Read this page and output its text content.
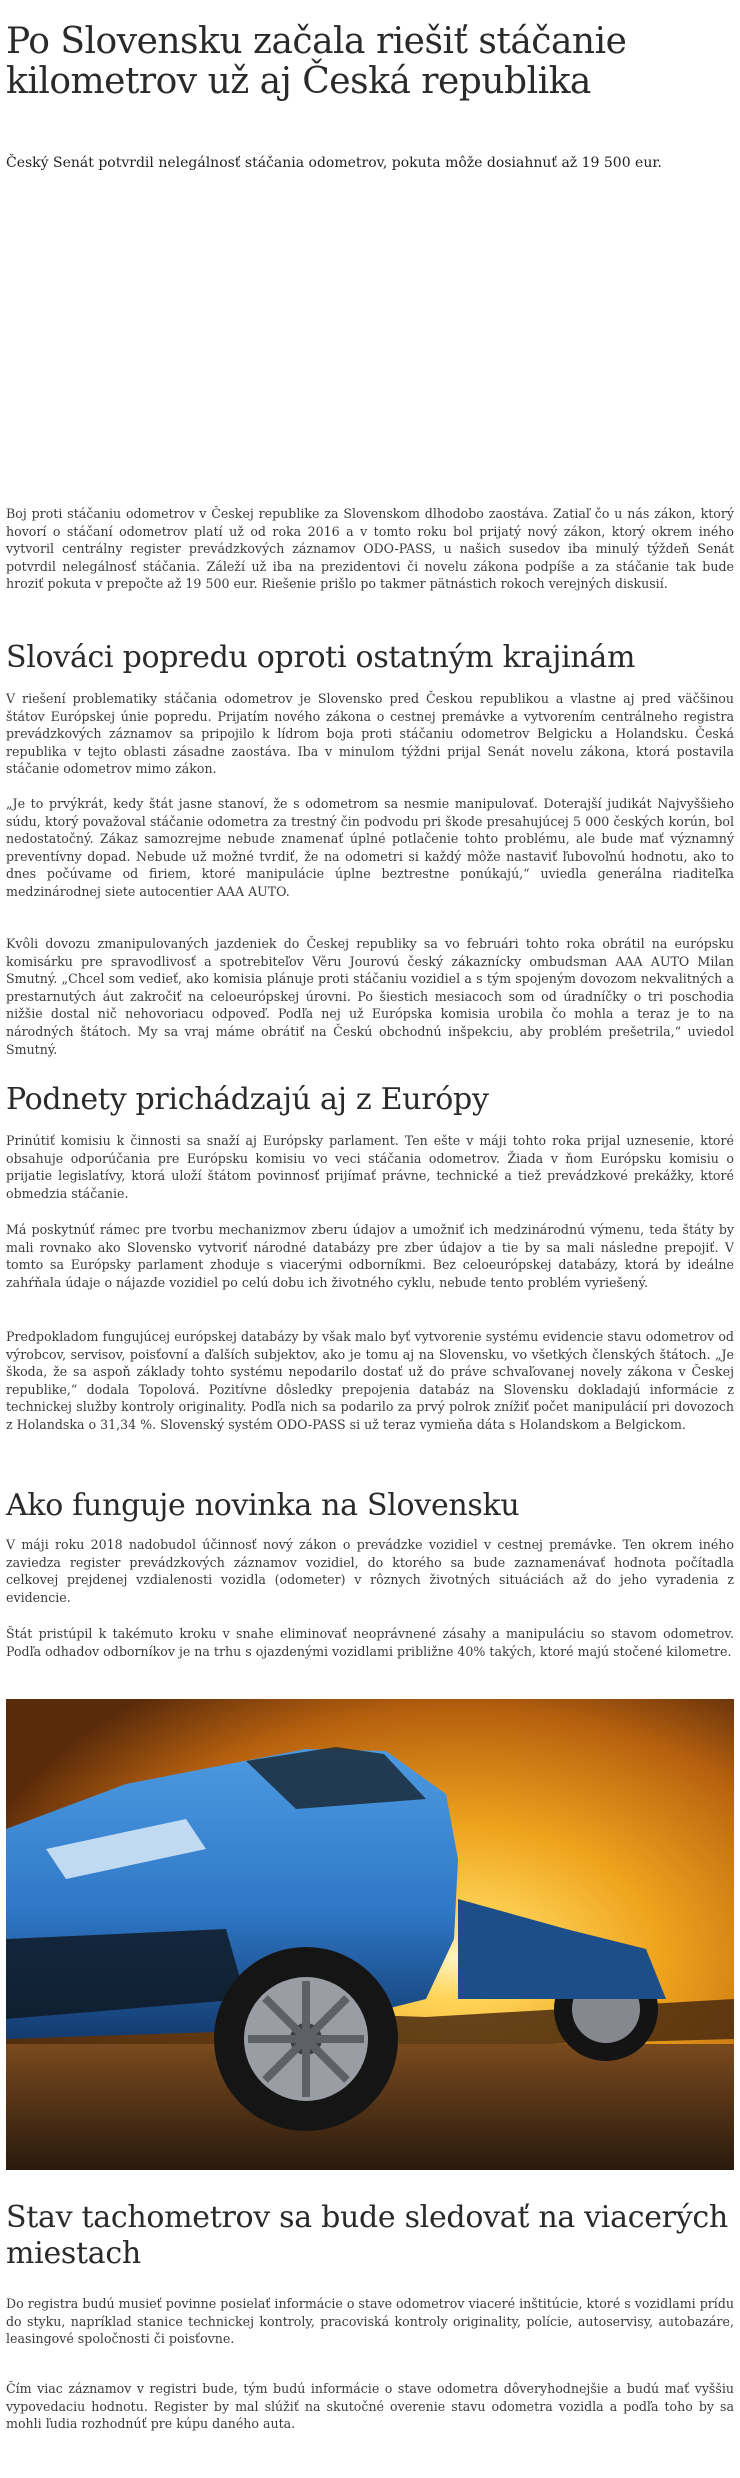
Po Slovensku začala riešiť stáčanie kilometrov už aj Česká republika

Český Senát potvrdil nelegálnosť stáčania odometrov, pokuta môže dosiahnuť až 19 500 eur.

Boj proti stáčaniu odometrov v Českej republike za Slovenskom dlhodobo zaostáva. Zatiaľ čo u nás zákon, ktorý hovorí o stáčaní odometrov platí už od roka 2016 a v tomto roku bol prijatý nový zákon, ktorý okrem iného vytvoril centrálny register prevádzkových záznamov ODO-PASS, u našich susedov iba minulý týždeň Senát potvrdil nelegálnosť stáčania. Záleží už iba na prezidentovi či novelu zákona podpíše a za stáčanie tak bude hroziť pokuta v prepočte až 19 500 eur. Riešenie prišlo po takmer pätnástich rokoch verejných diskusií.

Slováci popredu oproti ostatným krajinám

V riešení problematiky stáčania odometrov je Slovensko pred Českou republikou a vlastne aj pred väčšinou štátov Európskej únie popredu. Prijatím nového zákona o cestnej premávke a vytvorením centrálneho registra prevádzkových záznamov sa pripojilo k lídrom boja proti stáčaniu odometrov Belgicku a Holandsku. Česká republika v tejto oblasti zásadne zaostáva. Iba v minulom týždni prijal Senát novelu zákona, ktorá postavila stáčanie odometrov mimo zákon.

„Je to prvýkrát, kedy štát jasne stanoví, že s odometrom sa nesmie manipulovať. Doterajší judikát Najvyššieho súdu, ktorý považoval stáčanie odometra za trestný čin podvodu pri škode presahujúcej 5 000 českých korún, bol nedostatočný. Zákaz samozrejme nebude znamenať úplné potlačenie tohto problému, ale bude mať významný preventívny dopad. Nebude už možné tvrdiť, že na odometri si každý môže nastaviť ľubovoľnú hodnotu, ako to dnes počúvame od firiem, ktoré manipulácie úplne beztrestne ponúkajú,“ uviedla generálna riaditeľka medzinárodnej siete autocentier AAA AUTO.

Kvôli dovozu zmanipulovaných jazdeniek do Českej republiky sa vo februári tohto roka obrátil na európsku komisárku pre spravodlivosť a spotrebiteľov Věru Jourovú český zákaznícky ombudsman AAA AUTO Milan Smutný. „Chcel som vedieť, ako komisia plánuje proti stáčaniu vozidiel a s tým spojeným dovozom nekvalitných a prestarnutých áut zakročiť na celoeurópskej úrovni. Po šiestich mesiacoch som od úradníčky o tri poschodia nižšie dostal nič nehovoriacu odpoveď. Podľa nej už Európska komisia urobila čo mohla a teraz je to na národných štátoch. My sa vraj máme obrátiť na Českú obchodnú inšpekciu, aby problém prešetrila,“ uviedol Smutný.

Podnety prichádzajú aj z Európy

Prinútiť komisiu k činnosti sa snaží aj Európsky parlament. Ten ešte v máji tohto roka prijal uznesenie, ktoré obsahuje odporúčania pre Európsku komisiu vo veci stáčania odometrov. Žiada v ňom Európsku komisiu o prijatie legislatívy, ktorá uloží štátom povinnosť prijímať právne, technické a tiež prevádzkové prekážky, ktoré obmedzia stáčanie.

Má poskytnúť rámec pre tvorbu mechanizmov zberu údajov a umožniť ich medzinárodnú výmenu, teda štáty by mali rovnako ako Slovensko vytvoriť národné databázy pre zber údajov a tie by sa mali následne prepojiť. V tomto sa Európsky parlament zhoduje s viacerými odborníkmi. Bez celoeurópskej databázy, ktorá by ideálne zahŕňala údaje o nájazde vozidiel po celú dobu ich životného cyklu, nebude tento problém vyriešený.

Predpokladom fungujúcej európskej databázy by však malo byť vytvorenie systému evidencie stavu odometrov od výrobcov, servisov, poisťovní a ďalších subjektov, ako je tomu aj na Slovensku, vo všetkých členských štátoch. „Je škoda, že sa aspoň základy tohto systému nepodarilo dostať už do práve schvaľovanej novely zákona v Českej republike,“ dodala Topolová. Pozitívne dôsledky prepojenia databáz na Slovensku dokladajú informácie z technickej služby kontroly originality. Podľa nich sa podarilo za prvý polrok znížiť počet manipulácií pri dovozoch z Holandska o 31,34 %. Slovenský systém ODO-PASS si už teraz vymieňa dáta s Holandskom a Belgickom.

Ako funguje novinka na Slovensku

V máji roku 2018 nadobudol účinnosť nový zákon o prevádzke vozidiel v cestnej premávke. Ten okrem iného zaviedza register prevádzkových záznamov vozidiel, do ktorého sa bude zaznamenávať hodnota počítadla celkovej prejdenej vzdialenosti vozidla (odometer) v rôznych životných situáciách až do jeho vyradenia z evidencie.

Štát pristúpil k takémuto kroku v snahe eliminovať neoprávnené zásahy a manipuláciu so stavom odometrov. Podľa odhadov odborníkov je na trhu s ojazdenými vozidlami približne 40% takých, ktoré majú stočené kilometre.

Stav tachometrov sa bude sledovať na viacerých miestach

Do registra budú musieť povinne posielať informácie o stave odometrov viaceré inštitúcie, ktoré s vozidlami prídu do styku, napríklad stanice technickej kontroly, pracoviská kontroly originality, polície, autoservisy, autobazáre, leasingové spoločnosti či poisťovne.

Čím viac záznamov v registri bude, tým budú informácie o stave odometra dôveryhodnejšie a budú mať vyššiu vypovedaciu hodnotu. Register by mal slúžiť na skutočné overenie stavu odometra vozidla a podľa toho by sa mohli ľudia rozhodnúť pre kúpu daného auta.
